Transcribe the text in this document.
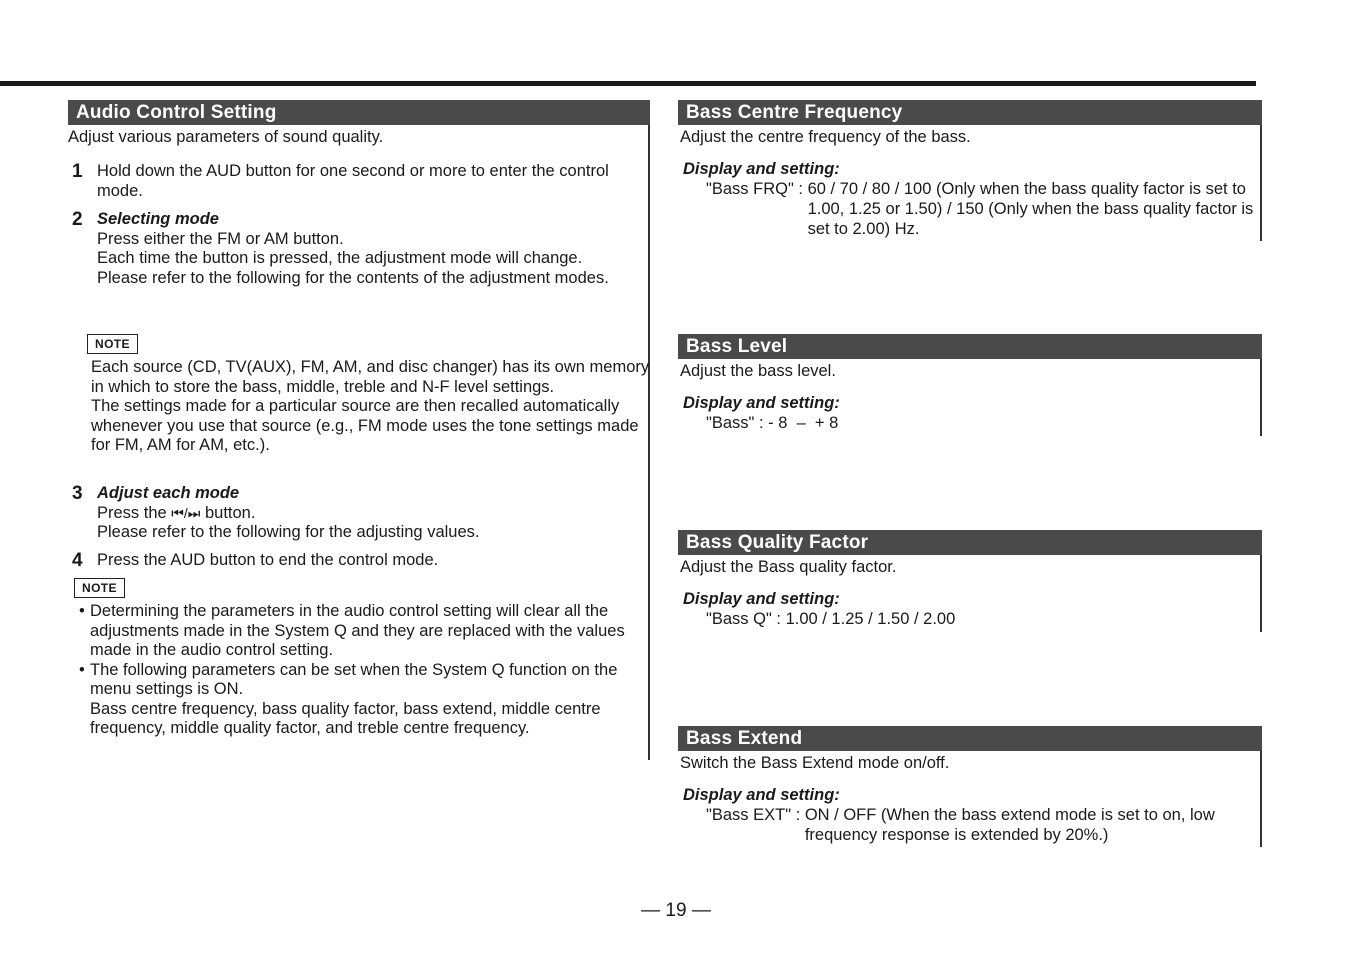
Audio Control Setting
Adjust various parameters of sound quality.
1 Hold down the AUD button for one second or more to enter the control mode.
2 Selecting mode
Press either the FM or AM button.
Each time the button is pressed, the adjustment mode will change.
Please refer to the following for the contents of the adjustment modes.
NOTE
Each source (CD, TV(AUX), FM, AM, and disc changer) has its own memory in which to store the bass, middle, treble and N-F level settings.
The settings made for a particular source are then recalled automatically whenever you use that source (e.g., FM mode uses the tone settings made for FM, AM for AM, etc.).
3 Adjust each mode
Press the ⏮/⏭ button.
Please refer to the following for the adjusting values.
4 Press the AUD button to end the control mode.
NOTE
• Determining the parameters in the audio control setting will clear all the adjustments made in the System Q and they are replaced with the values made in the audio control setting.
• The following parameters can be set when the System Q function on the menu settings is ON.
Bass centre frequency, bass quality factor, bass extend, middle centre frequency, middle quality factor, and treble centre frequency.
Bass Centre Frequency
Adjust the centre frequency of the bass.
Display and setting:
"Bass FRQ" : 60 / 70 / 80 / 100 (Only when the bass quality factor is set to 1.00, 1.25 or 1.50) / 150 (Only when the bass quality factor is set to 2.00) Hz.
Bass Level
Adjust the bass level.
Display and setting:
"Bass" : - 8  –  + 8
Bass Quality Factor
Adjust the Bass quality factor.
Display and setting:
"Bass Q" : 1.00 / 1.25 / 1.50 / 2.00
Bass Extend
Switch the Bass Extend mode on/off.
Display and setting:
"Bass EXT" : ON / OFF (When the bass extend mode is set to on, low frequency response is extended by 20%.)
— 19 —
